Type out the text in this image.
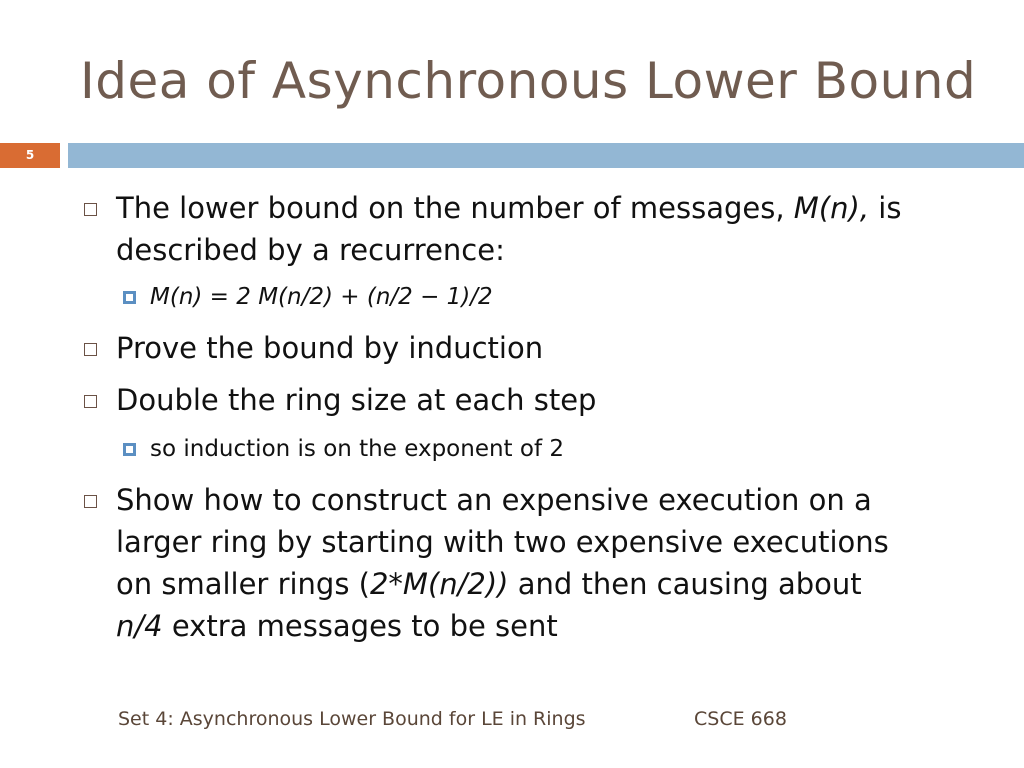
Idea of Asynchronous Lower Bound
5
The lower bound on the number of messages, M(n), is
described by a recurrence:
M(n) = 2 M(n/2) + (n/2 − 1)/2
Prove the bound by induction
Double the ring size at each step
so induction is on the exponent of 2
Show how to construct an expensive execution on a
larger ring by starting with two expensive executions
on smaller rings (2*M(n/2)) and then causing about
n/4 extra messages to be sent
Set 4: Asynchronous Lower Bound for LE in Rings	CSCE 668
